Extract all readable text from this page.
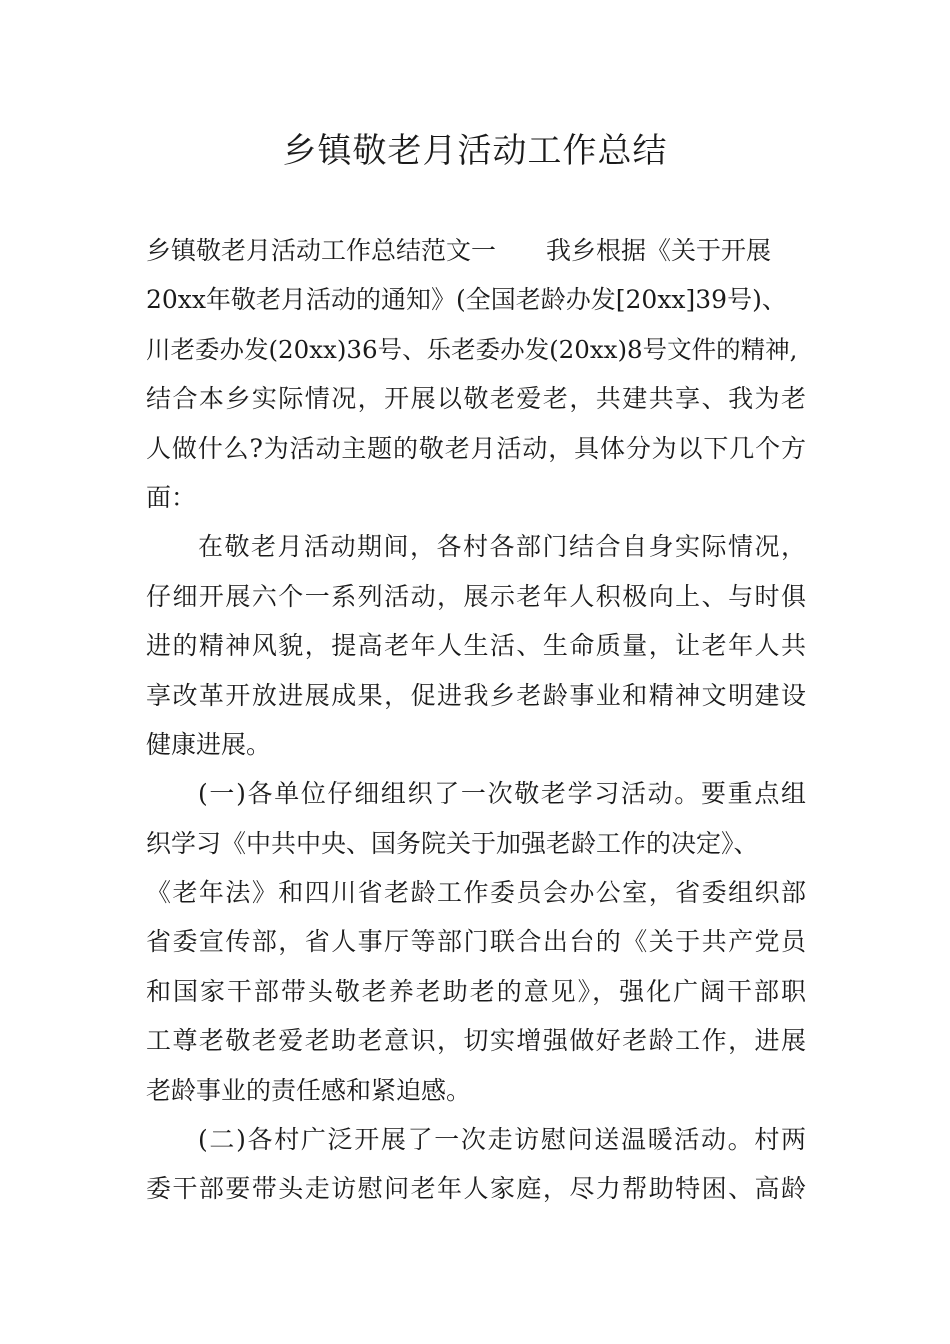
乡镇敬老月活动工作总结
乡镇敬老月活动工作总结范文一 我乡根据《关于开展
20xx年敬老月活动的通知》(全国老龄办发[20xx]39号)、
川老委办发(20xx)36号、乐老委办发(20xx)8号文件的精神,
结合本乡实际情况，开展以敬老爱老，共建共享、我为老
人做什么?为活动主题的敬老月活动，具体分为以下几个方
面：
在敬老月活动期间，各村各部门结合自身实际情况，
仔细开展六个一系列活动，展示老年人积极向上、与时俱
进的精神风貌，提高老年人生活、生命质量，让老年人共
享改革开放进展成果，促进我乡老龄事业和精神文明建设
健康进展。
(一)各单位仔细组织了一次敬老学习活动。要重点组
织学习《中共中央、国务院关于加强老龄工作的决定》、
《老年法》和四川省老龄工作委员会办公室，省委组织部
省委宣传部，省人事厅等部门联合出台的《关于共产党员
和国家干部带头敬老养老助老的意见》，强化广阔干部职
工尊老敬老爱老助老意识，切实增强做好老龄工作，进展
老龄事业的责任感和紧迫感。
(二)各村广泛开展了一次走访慰问送温暖活动。村两
委干部要带头走访慰问老年人家庭，尽力帮助特困、高龄
